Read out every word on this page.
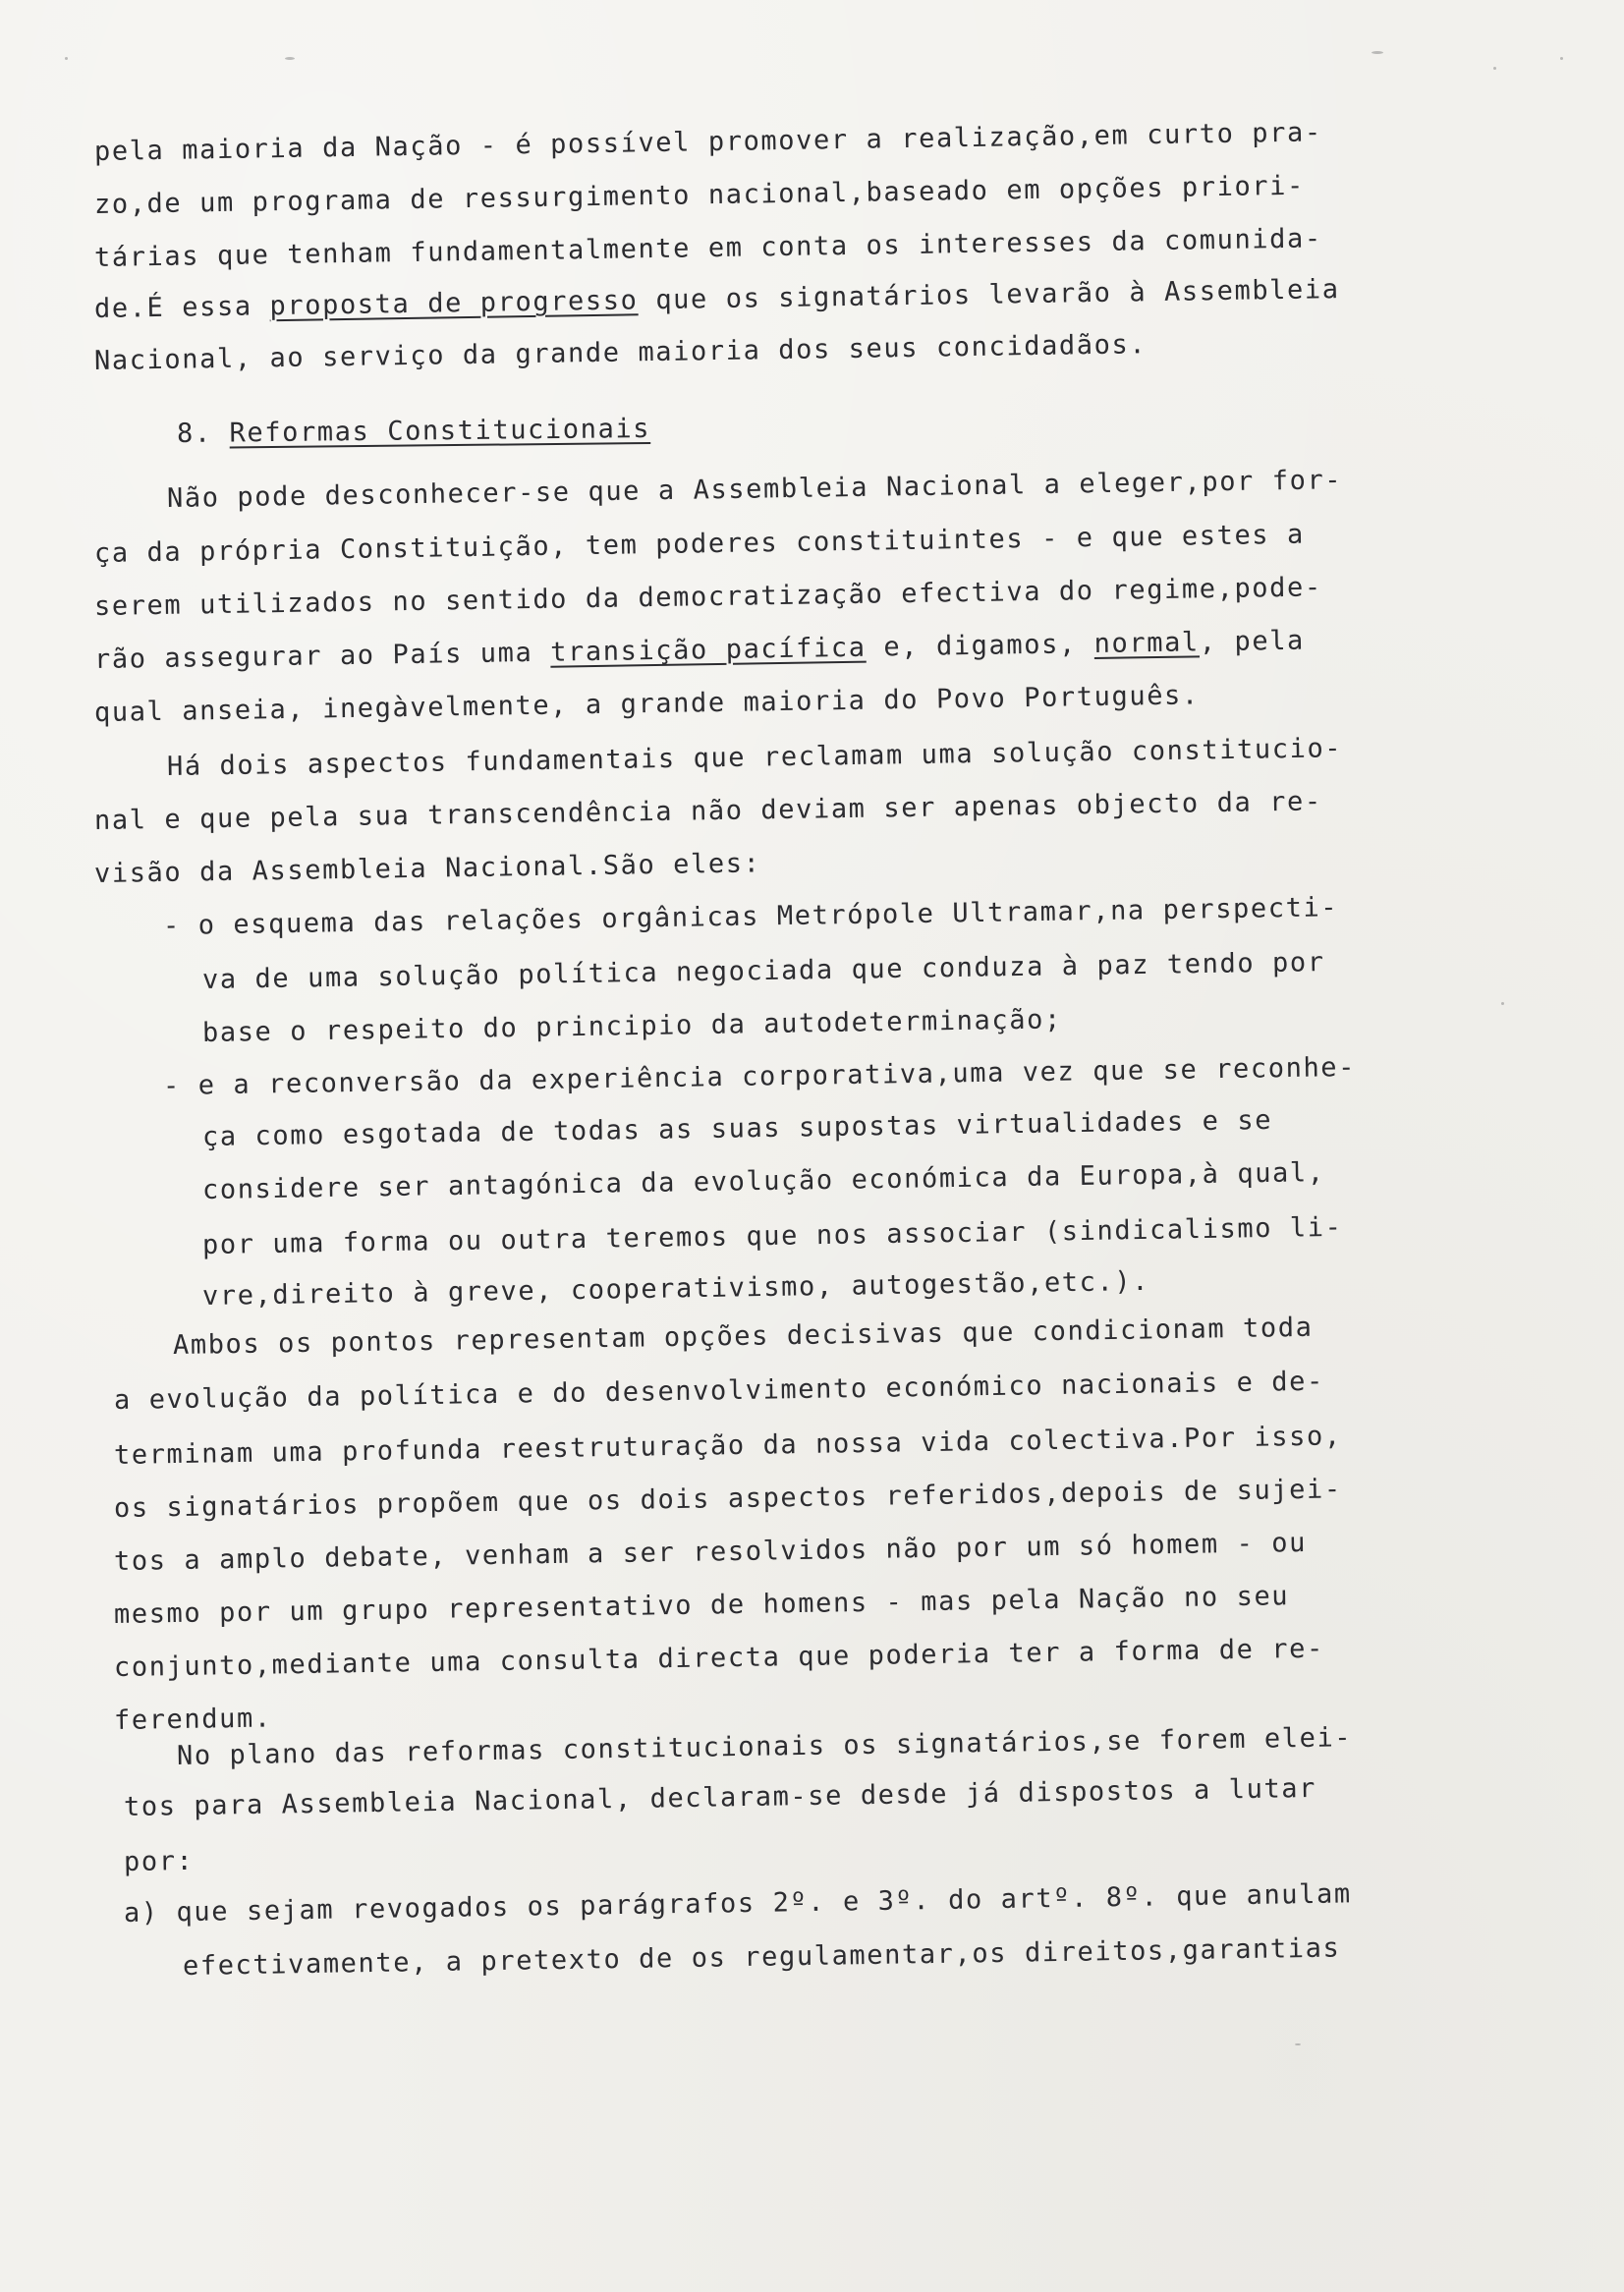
pela maioria da Nação - é possível promover a realização,em curto pra-
zo,de um programa de ressurgimento nacional,baseado em opções priori-
tárias que tenham fundamentalmente em conta os interesses da comunida-
de.É essa proposta de progresso que os signatários levarão à Assembleia
Nacional, ao serviço da grande maioria dos seus concidadãos.
8. Reformas Constitucionais
Não pode desconhecer-se que a Assembleia Nacional a eleger,por for-
ça da própria Constituição, tem poderes constituintes - e que estes a
serem utilizados no sentido da democratização efectiva do regime,pode-
rão assegurar ao País uma transição pacífica e, digamos, normal, pela
qual anseia, inegàvelmente, a grande maioria do Povo Português.
Há dois aspectos fundamentais que reclamam uma solução constitucio-
nal e que pela sua transcendência não deviam ser apenas objecto da re-
visão da Assembleia Nacional.São eles:
- o esquema das relações orgânicas Metrópole Ultramar,na perspecti-
va de uma solução política negociada que conduza à paz tendo por
base o respeito do principio da autodeterminação;
- e a reconversão da experiência corporativa,uma vez que se reconhe-
ça como esgotada de todas as suas supostas virtualidades e se
considere ser antagónica da evolução económica da Europa,à qual,
por uma forma ou outra teremos que nos associar (sindicalismo li-
vre,direito à greve, cooperativismo, autogestão,etc.).
Ambos os pontos representam opções decisivas que condicionam toda
a evolução da política e do desenvolvimento económico nacionais e de-
terminam uma profunda reestruturação da nossa vida colectiva.Por isso,
os signatários propõem que os dois aspectos referidos,depois de sujei-
tos a amplo debate, venham a ser resolvidos não por um só homem - ou
mesmo por um grupo representativo de homens - mas pela Nação no seu
conjunto,mediante uma consulta directa que poderia ter a forma de re-
ferendum.
No plano das reformas constitucionais os signatários,se forem elei-
tos para Assembleia Nacional, declaram-se desde já dispostos a lutar
por:
a) que sejam revogados os parágrafos 2º. e 3º. do artº. 8º. que anulam
efectivamente, a pretexto de os regulamentar,os direitos,garantias
